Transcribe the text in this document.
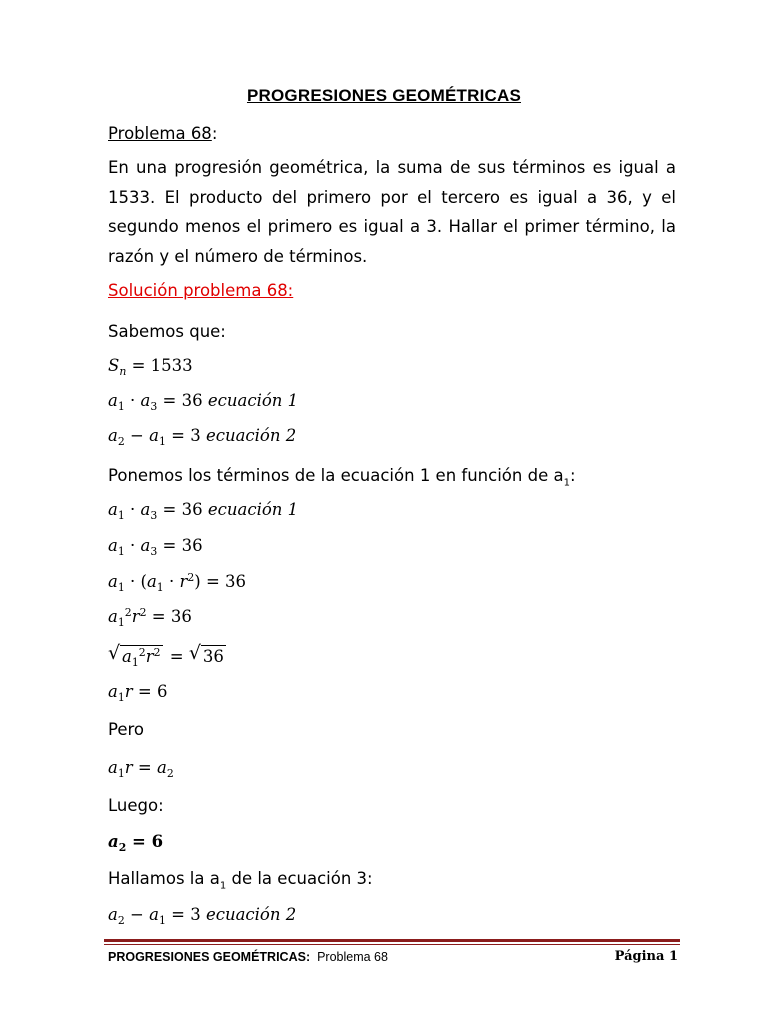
PROGRESIONES GEOMÉTRICAS
Problema 68:
En una progresión geométrica, la suma de sus términos es igual a 1533. El producto del primero por el tercero es igual a 36, y el segundo menos el primero es igual a 3. Hallar el primer término, la razón y el número de términos.
Solución problema 68:
Sabemos que:
$S_n = 1533$
$a_1 \cdot a_3 = 36$ ecuación 1
$a_2 - a_1 = 3$ ecuación 2
Ponemos los términos de la ecuación 1 en función de $a_1$:
$a_1 \cdot a_3 = 36$ ecuación 1
$a_1 \cdot a_3 = 36$
$a_1 \cdot (a_1 \cdot r^2) = 36$
$a_1^2r^2 = 36$
√ $a_1^2r^2$ = √ 36
$a_1r = 6$
Pero
$a_1r = a_2$
Luego:
$a_2 = 6$
Hallamos la $a_1$ de la ecuación 3:
$a_2 - a_1 = 3$ ecuación 2
PROGRESIONES GEOMÉTRICAS: Problema 68	Página 1
